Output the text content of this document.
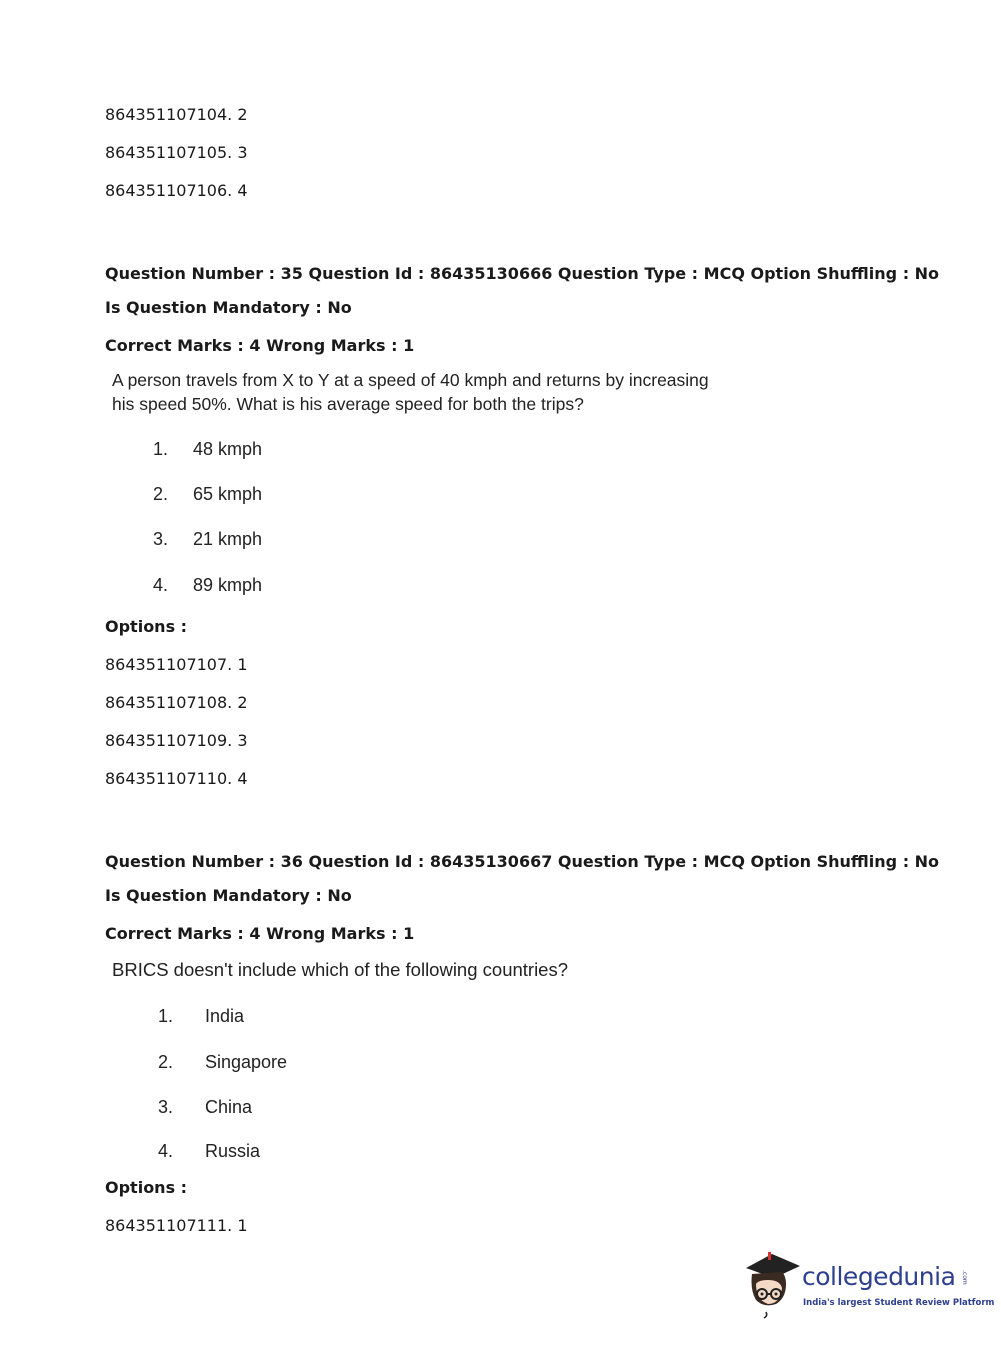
864351107104. 2
864351107105. 3
864351107106. 4
Question Number : 35 Question Id : 86435130666 Question Type : MCQ Option Shuffling : No
Is Question Mandatory : No
Correct Marks : 4 Wrong Marks : 1
A person travels from X to Y at a speed of 40 kmph and returns by increasing
his speed 50%. What is his average speed for both the trips?
1. 48 kmph
2. 65 kmph
3. 21 kmph
4. 89 kmph
Options :
864351107107. 1
864351107108. 2
864351107109. 3
864351107110. 4
Question Number : 36 Question Id : 86435130667 Question Type : MCQ Option Shuffling : No
Is Question Mandatory : No
Correct Marks : 4 Wrong Marks : 1
BRICS doesn't include which of the following countries?
1. India
2. Singapore
3. China
4. Russia
Options :
864351107111. 1
collegedunia .com
India's largest Student Review Platform
